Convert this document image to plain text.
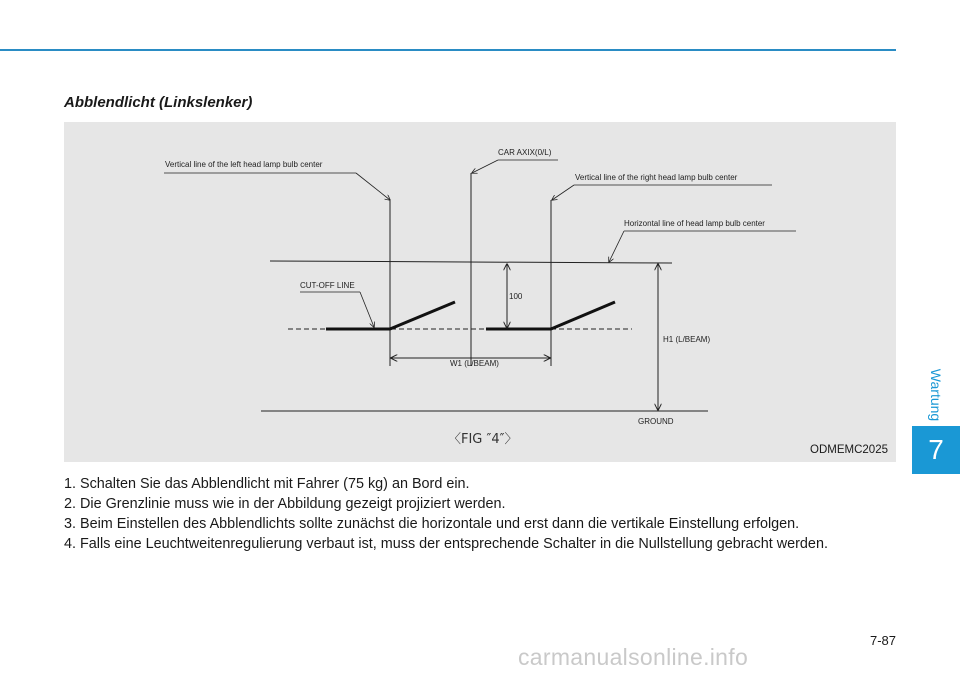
Abblendlicht (Linkslenker)
Vertical line of the left head lamp bulb center
CAR AXIX(0/L)
Vertical line of the right head lamp bulb center
Horizontal line of head lamp bulb center
CUT-OFF LINE
100
H1 (L/BEAM)
W1 (L/BEAM)
GROUND
〈FIG ″4″〉
ODMEMC2025
1. Schalten Sie das Abblendlicht mit Fahrer (75 kg) an Bord ein.
2. Die Grenzlinie muss wie in der Abbildung gezeigt projiziert werden.
3. Beim Einstellen des Abblendlichts sollte zunächst die horizontale und erst dann die vertikale Einstellung erfolgen.
4. Falls eine Leuchtweitenregulierung verbaut ist, muss der entsprechende Schalter in die Nullstellung gebracht werden.
Wartung
7
7-87
carmanualsonline.info
